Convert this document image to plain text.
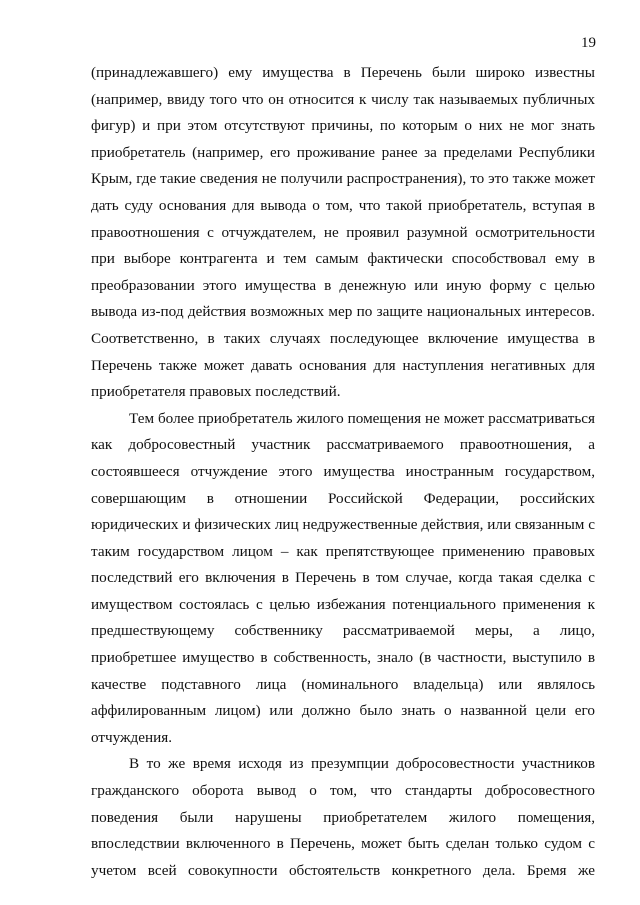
19
(принадлежавшего) ему имущества в Перечень были широко известны
(например, ввиду того что он относится к числу так называемых публичных
фигур) и при этом отсутствуют причины, по которым о них не мог знать
приобретатель (например, его проживание ранее за пределами Республики
Крым, где такие сведения не получили распространения), то это также может
дать суду основания для вывода о том, что такой приобретатель, вступая в
правоотношения с отчуждателем, не проявил разумной осмотрительности
при выборе контрагента и тем самым фактически способствовал ему в
преобразовании этого имущества в денежную или иную форму с целью
вывода из-под действия возможных мер по защите национальных интересов.
Соответственно, в таких случаях последующее включение имущества в
Перечень также может давать основания для наступления негативных для
приобретателя правовых последствий.
Тем более приобретатель жилого помещения не может рассматриваться
как добросовестный участник рассматриваемого правоотношения, а
состоявшееся отчуждение этого имущества иностранным государством,
совершающим в отношении Российской Федерации, российских
юридических и физических лиц недружественные действия, или связанным с
таким государством лицом – как препятствующее применению правовых
последствий его включения в Перечень в том случае, когда такая сделка с
имуществом состоялась с целью избежания потенциального применения к
предшествующему собственнику рассматриваемой меры, а лицо,
приобретшее имущество в собственность, знало (в частности, выступило в
качестве подставного лица (номинального владельца) или являлось
аффилированным лицом) или должно было знать о названной цели его
отчуждения.
В то же время исходя из презумпции добросовестности участников
гражданского оборота вывод о том, что стандарты добросовестного
поведения были нарушены приобретателем жилого помещения,
впоследствии включенного в Перечень, может быть сделан только судом с
учетом всей совокупности обстоятельств конкретного дела. Бремя же
